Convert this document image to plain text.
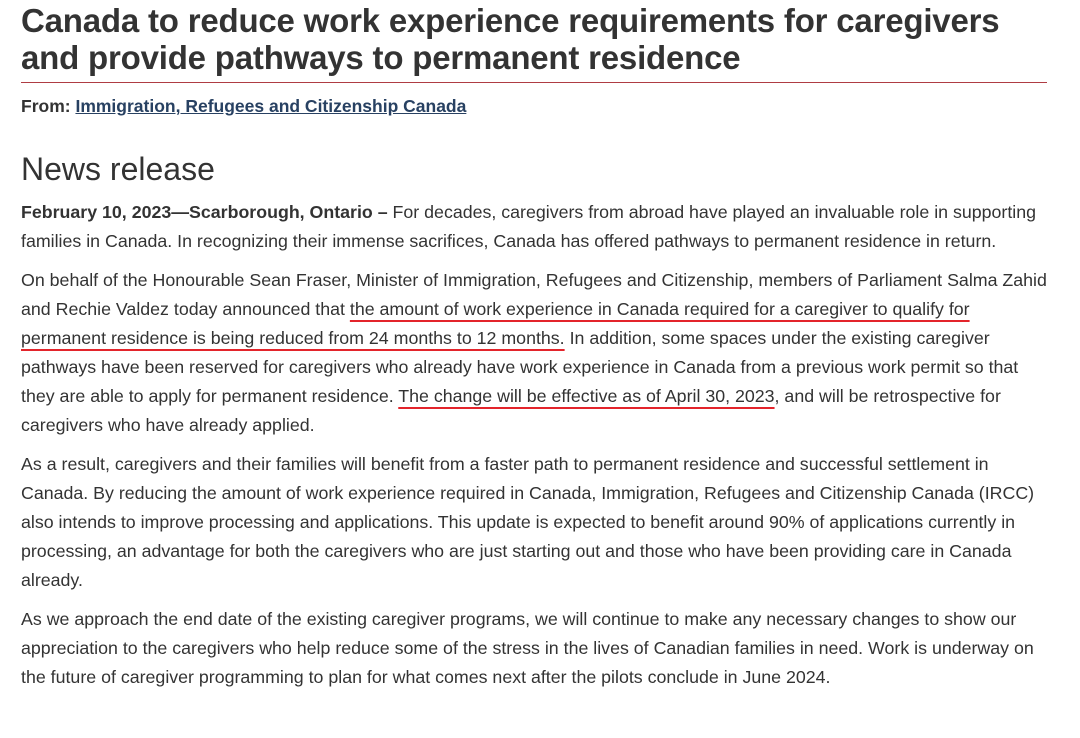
Canada to reduce work experience requirements for caregivers and provide pathways to permanent residence
From: Immigration, Refugees and Citizenship Canada
News release

February 10, 2023—Scarborough, Ontario – For decades, caregivers from abroad have played an invaluable role in supporting families in Canada. In recognizing their immense sacrifices, Canada has offered pathways to permanent residence in return.

On behalf of the Honourable Sean Fraser, Minister of Immigration, Refugees and Citizenship, members of Parliament Salma Zahid and Rechie Valdez today announced that the amount of work experience in Canada required for a caregiver to qualify for permanent residence is being reduced from 24 months to 12 months. In addition, some spaces under the existing caregiver pathways have been reserved for caregivers who already have work experience in Canada from a previous work permit so that they are able to apply for permanent residence. The change will be effective as of April 30, 2023, and will be retrospective for caregivers who have already applied.

As a result, caregivers and their families will benefit from a faster path to permanent residence and successful settlement in Canada. By reducing the amount of work experience required in Canada, Immigration, Refugees and Citizenship Canada (IRCC) also intends to improve processing and applications. This update is expected to benefit around 90% of applications currently in processing, an advantage for both the caregivers who are just starting out and those who have been providing care in Canada already.

As we approach the end date of the existing caregiver programs, we will continue to make any necessary changes to show our appreciation to the caregivers who help reduce some of the stress in the lives of Canadian families in need. Work is underway on the future of caregiver programming to plan for what comes next after the pilots conclude in June 2024.
